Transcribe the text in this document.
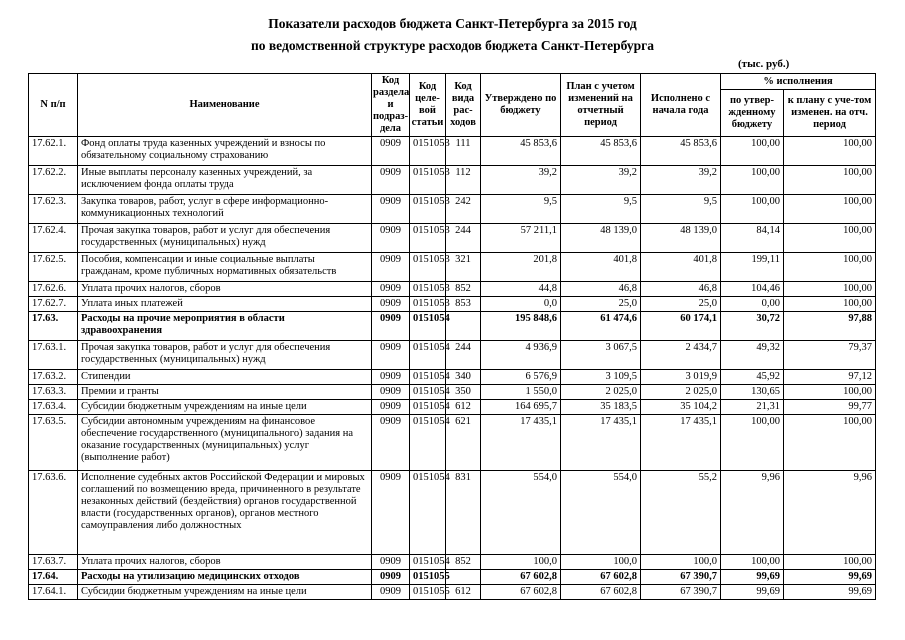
Показатели расходов бюджета Санкт-Петербурга за 2015 год
по ведомственной структуре расходов бюджета Санкт-Петербурга
(тыс. руб.)
N п/п	Наименование	Код раздела и подраз-дела	Код целе-вой статьи	Код вида рас-ходов	Утверждено по бюджету	План с учетом изменений на отчетный период	Исполнено с начала года	% исполнения	
								по утвер-жденному бюджету	к плану с уче-том изменен. на отч. период
17.62.1.	Фонд оплаты труда казенных учреждений и взносы по обязательному социальному страхованию	0909	0151053	111	45 853,6	45 853,6	45 853,6	100,00	100,00
17.62.2.	Иные выплаты персоналу казенных учреждений, за исключением фонда оплаты труда	0909	0151053	112	39,2	39,2	39,2	100,00	100,00
17.62.3.	Закупка товаров, работ, услуг в сфере информационно-коммуникационных технологий	0909	0151053	242	9,5	9,5	9,5	100,00	100,00
17.62.4.	Прочая закупка товаров, работ и услуг для обеспечения государственных (муниципальных) нужд	0909	0151053	244	57 211,1	48 139,0	48 139,0	84,14	100,00
17.62.5.	Пособия, компенсации и иные социальные выплаты гражданам, кроме публичных нормативных обязательств	0909	0151053	321	201,8	401,8	401,8	199,11	100,00
17.62.6.	Уплата прочих налогов, сборов	0909	0151053	852	44,8	46,8	46,8	104,46	100,00
17.62.7.	Уплата иных платежей	0909	0151053	853	0,0	25,0	25,0	0,00	100,00
17.63.	Расходы на прочие мероприятия в области здравоохранения	0909	0151054		195 848,6	61 474,6	60 174,1	30,72	97,88
17.63.1.	Прочая закупка товаров, работ и услуг для обеспечения государственных (муниципальных) нужд	0909	0151054	244	4 936,9	3 067,5	2 434,7	49,32	79,37
17.63.2.	Стипендии	0909	0151054	340	6 576,9	3 109,5	3 019,9	45,92	97,12
17.63.3.	Премии и гранты	0909	0151054	350	1 550,0	2 025,0	2 025,0	130,65	100,00
17.63.4.	Субсидии бюджетным учреждениям на иные цели	0909	0151054	612	164 695,7	35 183,5	35 104,2	21,31	99,77
17.63.5.	Субсидии автономным учреждениям на финансовое обеспечение государственного (муниципального) задания на оказание государственных (муниципальных) услуг (выполнение работ)	0909	0151054	621	17 435,1	17 435,1	17 435,1	100,00	100,00
17.63.6.	Исполнение судебных актов Российской Федерации и мировых соглашений по возмещению вреда, причиненного в результате незаконных действий (бездействия) органов государственной власти (государственных органов), органов местного самоуправления либо должностных	0909	0151054	831	554,0	554,0	55,2	9,96	9,96
17.63.7.	Уплата прочих налогов, сборов	0909	0151054	852	100,0	100,0	100,0	100,00	100,00
17.64.	Расходы на утилизацию медицинских отходов	0909	0151055		67 602,8	67 602,8	67 390,7	99,69	99,69
17.64.1.	Субсидии бюджетным учреждениям на иные цели	0909	0151055	612	67 602,8	67 602,8	67 390,7	99,69	99,69
